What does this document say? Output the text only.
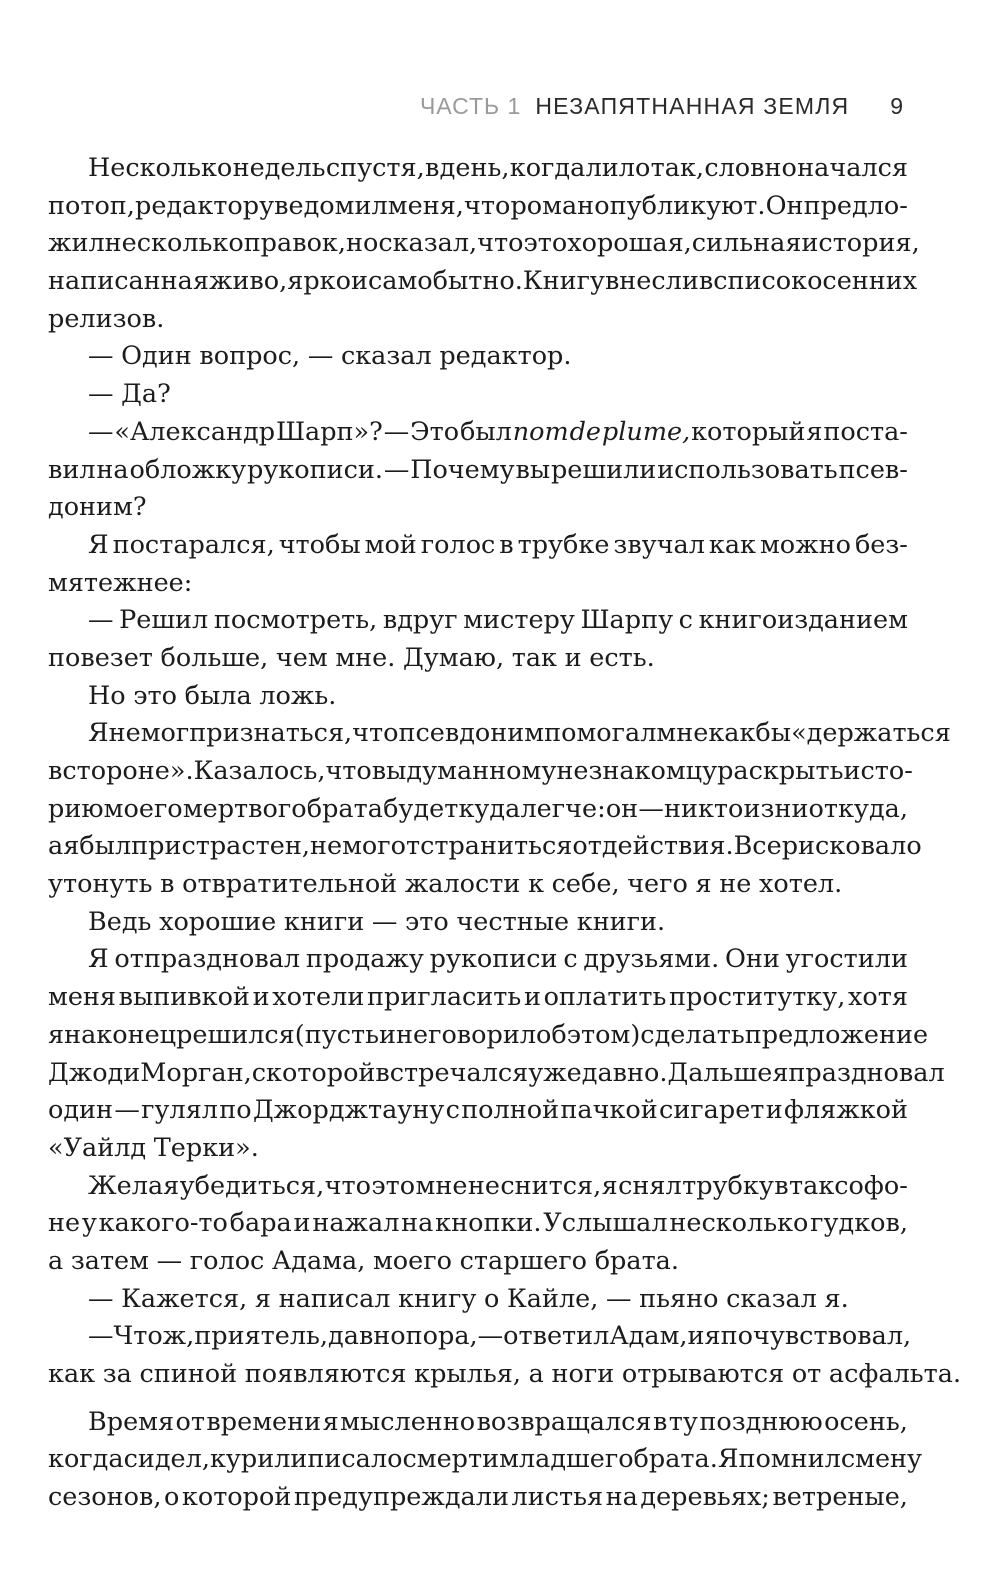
ЧАСТЬ 1 НЕЗАПЯТНАННАЯ ЗЕМЛЯ 9
Несколько недель спустя, в день, когда лило так, словно начался
потоп, редактор уведомил меня, что роман опубликуют. Он предло-
жил несколько правок, но сказал, что это хорошая, сильная история,
написанная живо, ярко и самобытно. Книгу внесли в список осенних
релизов.
— Один вопрос, — сказал редактор.
— Да?
— «Александр Шарп»? — Это был nom de plume, который я поста-
вил на обложку рукописи. — Почему вы решили использовать псев-
доним?
Я постарался, чтобы мой голос в трубке звучал как можно без-
мятежнее:
— Решил посмотреть, вдруг мистеру Шарпу с книгоизданием
повезет больше, чем мне. Думаю, так и есть.
Но это была ложь.
Я не мог признаться, что псевдоним помогал мне как бы «держаться
в стороне». Казалось, что выдуманному незнакомцу раскрыть исто-
рию моего мертвого брата будет куда легче: он — никто из ниоткуда,
а я был пристрастен, не мог отстраниться от действия. Все рисковало
утонуть в отвратительной жалости к себе, чего я не хотел.
Ведь хорошие книги — это честные книги.
Я отпраздновал продажу рукописи с друзьями. Они угостили
меня выпивкой и хотели пригласить и оплатить проститутку, хотя
я наконец решился (пусть и не говорил об этом) сделать предложение
Джоди Морган, с которой встречался уже давно. Дальше я праздновал
один — гулял по Джорджтауну с полной пачкой сигарет и фляжкой
«Уайлд Терки».
Желая убедиться, что это мне не снится, я снял трубку в таксофо-
не у какого-то бара и нажал на кнопки. Услышал несколько гудков,
а затем — голос Адама, моего старшего брата.
— Кажется, я написал книгу о Кайле, — пьяно сказал я.
— Что ж, приятель, давно пора, — ответил Адам, и я почувствовал,
как за спиной появляются крылья, а ноги отрываются от асфальта.
Время от времени я мысленно возвращался в ту позднюю осень,
когда сидел, курил и писал о смерти младшего брата. Я помнил смену
сезонов, о которой предупреждали листья на деревьях; ветреные,
